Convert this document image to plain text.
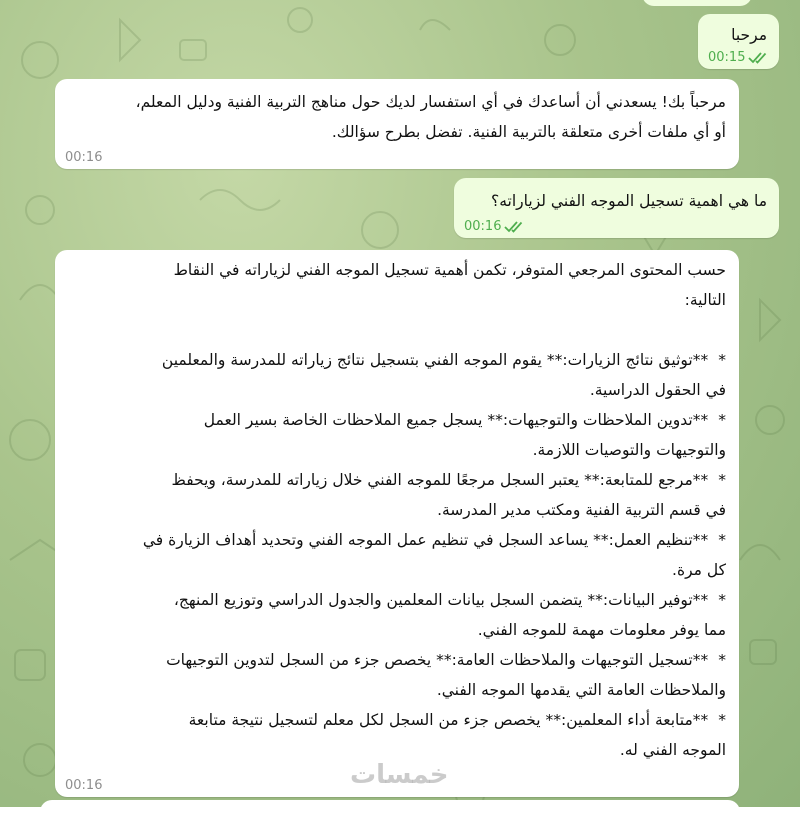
مرحبا
00:15
مرحباً بك! يسعدني أن أساعدك في أي استفسار لديك حول مناهج التربية الفنية ودليل المعلم،
أو أي ملفات أخرى متعلقة بالتربية الفنية. تفضل بطرح سؤالك.
00:16
ما هي اهمية تسجيل الموجه الفني لزياراته؟
00:16
حسب المحتوى المرجعي المتوفر، تكمن أهمية تسجيل الموجه الفني لزياراته في النقاط
التالية:
***توثيق نتائج الزيارات:** يقوم الموجه الفني بتسجيل نتائج زياراته للمدرسة والمعلمين
في الحقول الدراسية.
***تدوين الملاحظات والتوجيهات:** يسجل جميع الملاحظات الخاصة بسير العمل
والتوجيهات والتوصيات اللازمة.
***مرجع للمتابعة:** يعتبر السجل مرجعًا للموجه الفني خلال زياراته للمدرسة، ويحفظ
في قسم التربية الفنية ومكتب مدير المدرسة.
***تنظيم العمل:** يساعد السجل في تنظيم عمل الموجه الفني وتحديد أهداف الزيارة في
كل مرة.
***توفير البيانات:** يتضمن السجل بيانات المعلمين والجدول الدراسي وتوزيع المنهج،
مما يوفر معلومات مهمة للموجه الفني.
***تسجيل التوجيهات والملاحظات العامة:** يخصص جزء من السجل لتدوين التوجيهات
والملاحظات العامة التي يقدمها الموجه الفني.
***متابعة أداء المعلمين:** يخصص جزء من السجل لكل معلم لتسجيل نتيجة متابعة
الموجه الفني له.
00:16	خمسات
